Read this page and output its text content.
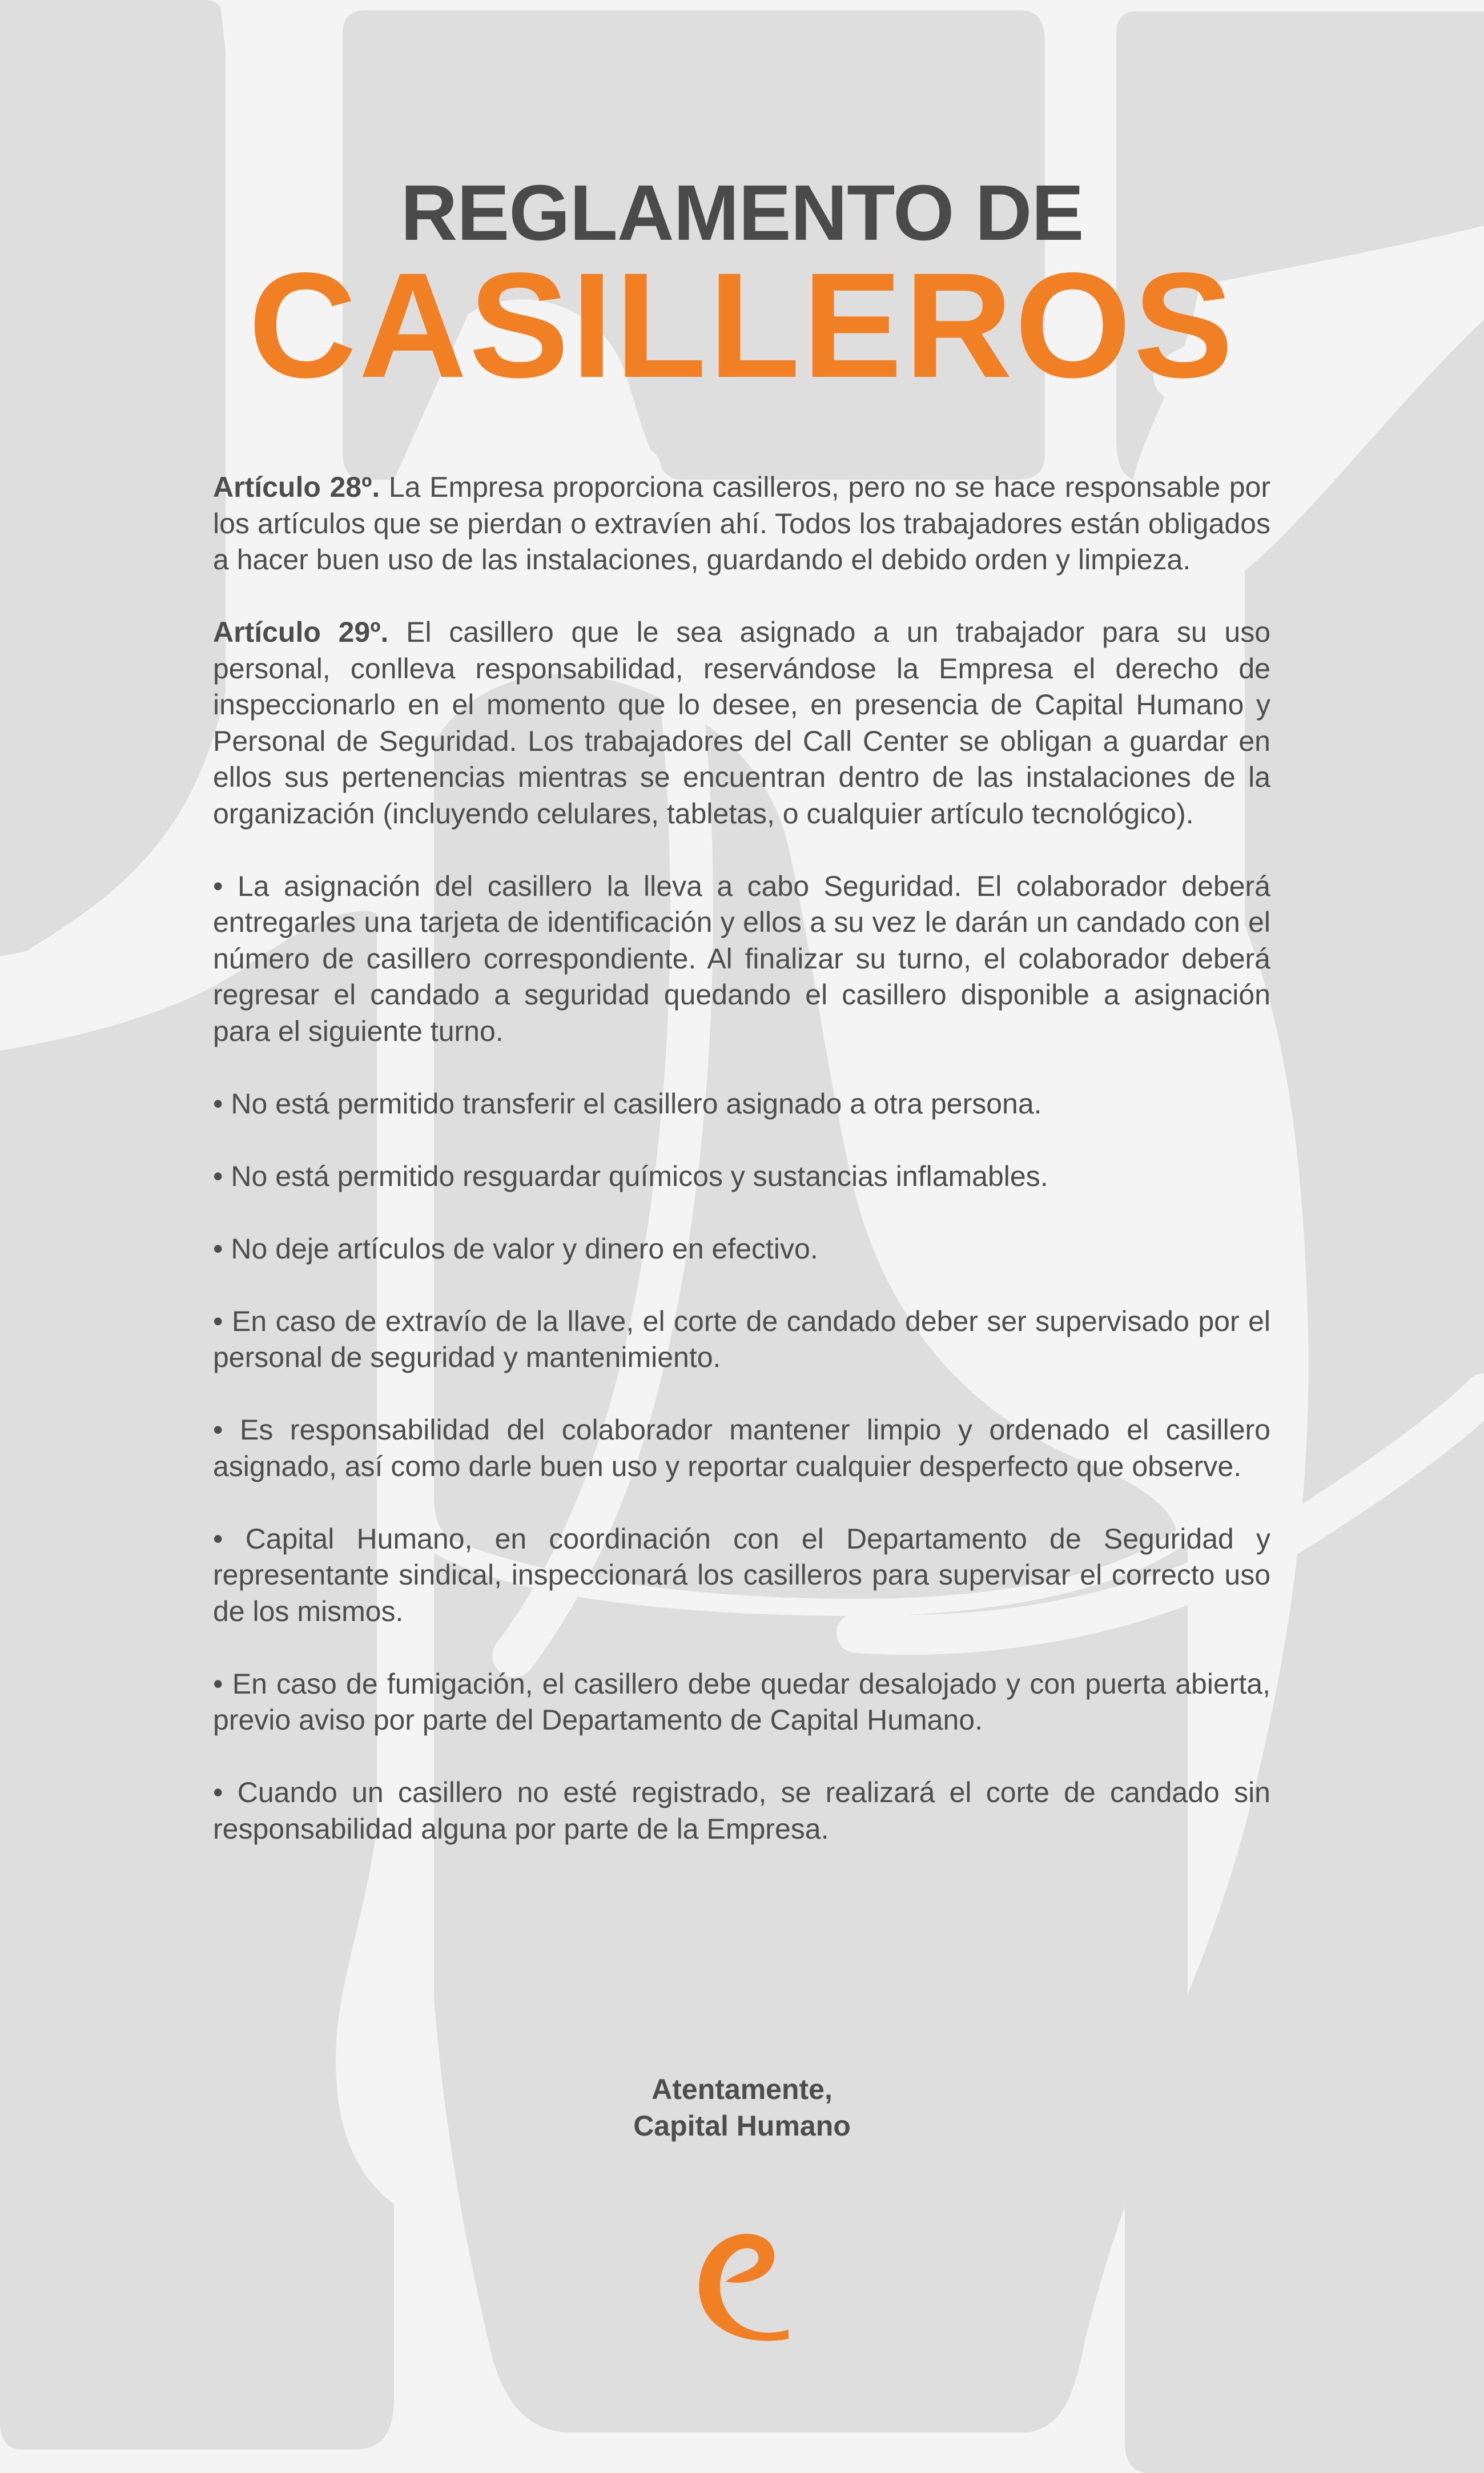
REGLAMENTO DE
CASILLEROS

Artículo 28º. La Empresa proporciona casilleros, pero no se hace responsable por los artículos que se pierdan o extravíen ahí. Todos los trabajadores están obligados a hacer buen uso de las instalaciones, guardando el debido orden y limpieza.

Artículo 29º. El casillero que le sea asignado a un trabajador para su uso personal, conlleva responsabilidad, reservándose la Empresa el derecho de inspeccionarlo en el momento que lo desee, en presencia de Capital Humano y Personal de Seguridad. Los trabajadores del Call Center se obligan a guardar en ellos sus pertenencias mientras se encuentran dentro de las instalaciones de la organización (incluyendo celulares, tabletas, o cualquier artículo tecnológico).

• La asignación del casillero la lleva a cabo Seguridad. El colaborador deberá entregarles una tarjeta de identificación y ellos a su vez le darán un candado con el número de casillero correspondiente. Al finalizar su turno, el colaborador deberá regresar el candado a seguridad quedando el casillero disponible a asignación para el siguiente turno.

• No está permitido transferir el casillero asignado a otra persona.

• No está permitido resguardar químicos y sustancias inflamables.

• No deje artículos de valor y dinero en efectivo.

• En caso de extravío de la llave, el corte de candado deber ser supervisado por el personal de seguridad y mantenimiento.

• Es responsabilidad del colaborador mantener limpio y ordenado el casillero asignado, así como darle buen uso y reportar cualquier desperfecto que observe.

• Capital Humano, en coordinación con el Departamento de Seguridad y representante sindical, inspeccionará los casilleros para supervisar el correcto uso de los mismos.

• En caso de fumigación, el casillero debe quedar desalojado y con puerta abierta, previo aviso por parte del Departamento de Capital Humano.

• Cuando un casillero no esté registrado, se realizará el corte de candado sin responsabilidad alguna por parte de la Empresa.

Atentamente,
Capital Humano
